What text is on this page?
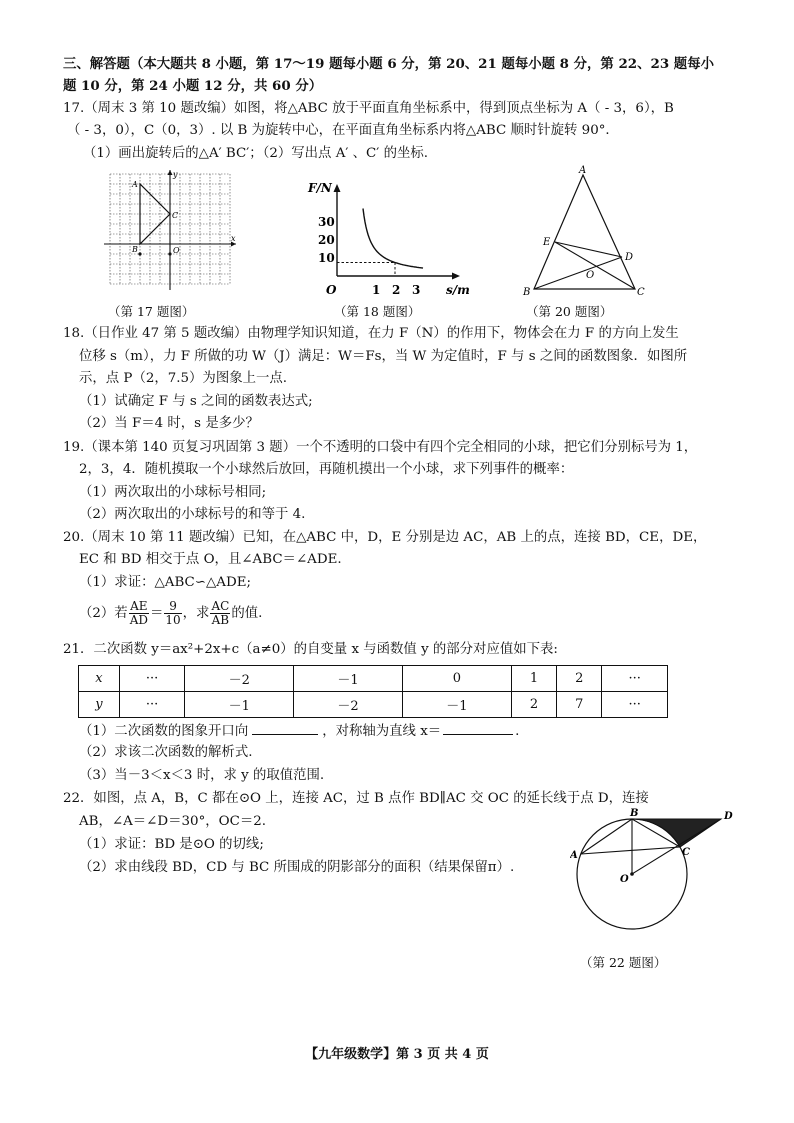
三、解答题（本大题共 8 小题，第 17～19 题每小题 6 分，第 20、21 题每小题 8 分，第 22、23 题每小
题 10 分，第 24 小题 12 分，共 60 分）
17.（周末 3 第 10 题改编）如图，将△ABC 放于平面直角坐标系中，得到顶点坐标为 A（ - 3，6），B
（ - 3，0），C（0，3）. 以 B 为旋转中心，在平面直角坐标系内将△ABC 顺时针旋转 90°．
（1）画出旋转后的△A′ BC′；（2）写出点 A′ 、C′ 的坐标.
y
x
O
A
B
C
（第 17 题图）
F/N
s/m
O
30
20
10
1 2 3
（第 18 题图）
A
B	C
D
E
O
（第 20 题图）
18.（日作业 47 第 5 题改编）由物理学知识知道，在力 F（N）的作用下，物体会在力 F 的方向上发生
位移 s（m），力 F 所做的功 W（J）满足：W＝Fs，当 W 为定值时，F 与 s 之间的函数图象．如图所
示，点 P（2，7.5）为图象上一点.
（1）试确定 F 与 s 之间的函数表达式;
（2）当 F＝4 时，s 是多少？
19.（课本第 140 页复习巩固第 3 题）一个不透明的口袋中有四个完全相同的小球，把它们分别标号为 1，
2，3，4．随机摸取一个小球然后放回，再随机摸出一个小球，求下列事件的概率：
（1）两次取出的小球标号相同;
（2）两次取出的小球标号的和等于 4.
20.（周末 10 第 11 题改编）已知，在△ABC 中，D，E 分别是边 AC，AB 上的点，连接 BD，CE，DE，
EC 和 BD 相交于点 O，且∠ABC＝∠ADE.
（1）求证：△ABC∽△ADE;
（2）若 $\frac{AE}{AD} = \frac{9}{10}$ ，求 $\frac{AC}{AB}$ 的值.
21．二次函数 y＝ax²+2x+c（a≠0）的自变量 x 与函数值 y 的部分对应值如下表:
x	···	－2	－1	0	1	2	···
y	···	－1	－2	－1	2	7	···
（1）二次函数的图象开口向	，对称轴为直线 x＝	.
（2）求该二次函数的解析式.
（3）当－3＜x＜3 时，求 y 的取值范围.
22．如图，点 A，B，C 都在⊙O 上，连接 AC，过 B 点作 BD∥AC 交 OC 的延长线于点 D，连接
AB，∠A＝∠D＝30°，OC＝2.
（1）求证：BD 是⊙O 的切线;
（2）求由线段 BD，CD 与 BC 所围成的阴影部分的面积（结果保留π）.
B	D
A	C
O
（第 22 题图）
【九年级数学】第 3 页 共 4 页
